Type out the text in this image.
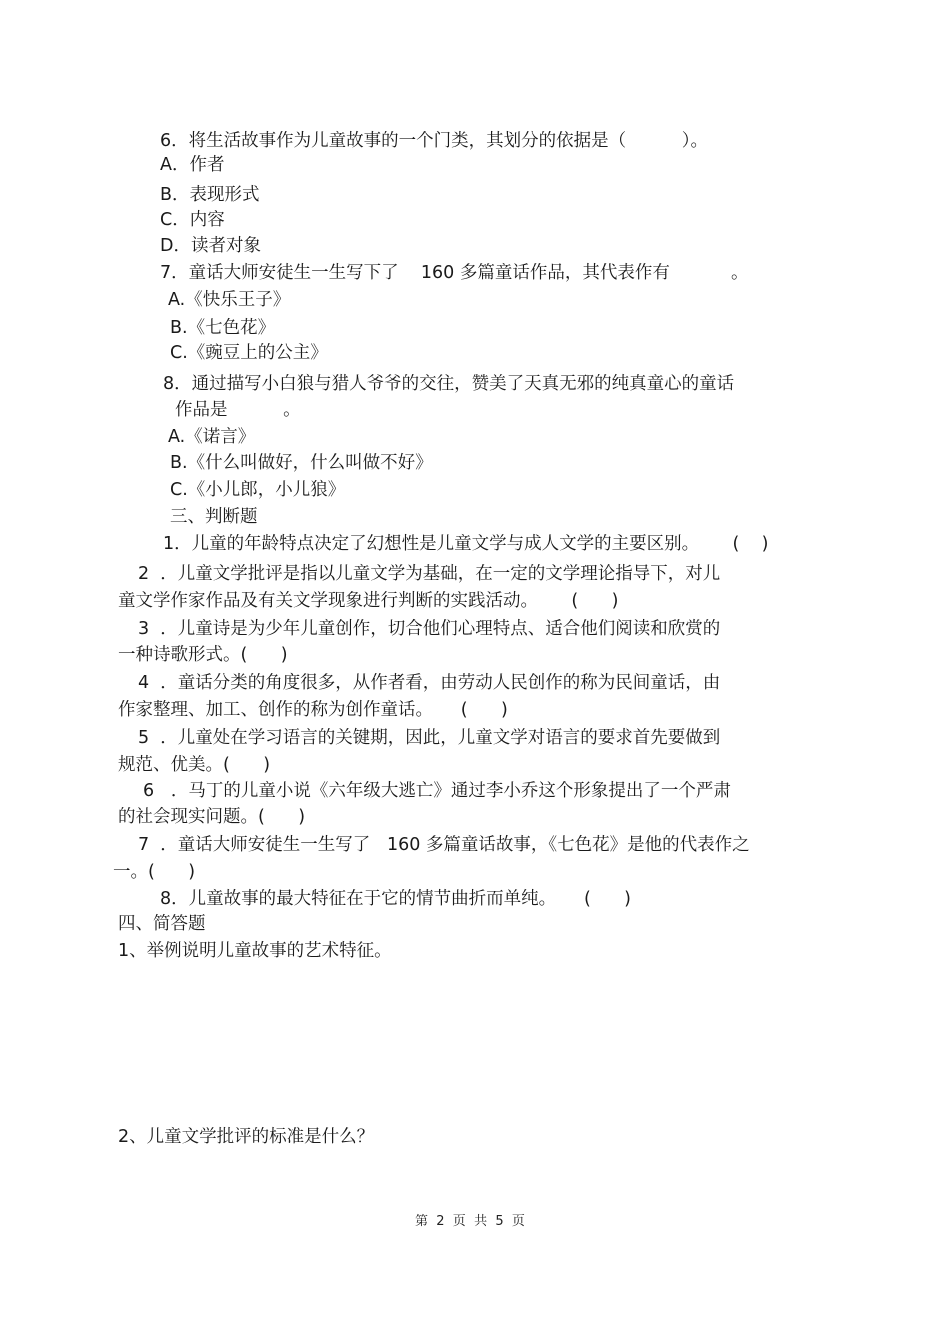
6．将生活故事作为儿童故事的一个门类，其划分的依据是（          ）。
A．作者
B．表现形式
C．内容
D．读者对象
7．童话大师安徒生一生写下了    160 多篇童话作品，其代表作有           。
A.《快乐王子》
B.《七色花》
C.《豌豆上的公主》
8．通过描写小白狼与猎人爷爷的交往，赞美了天真无邪的纯真童心的童话
作品是          。
A.《诺言》
B.《什么叫做好，什么叫做不好》
C.《小儿郎，小儿狼》
三、判断题
1．儿童的年龄特点决定了幻想性是儿童文学与成人文学的主要区别。      (    )
2  ．儿童文学批评是指以儿童文学为基础，在一定的文学理论指导下，对儿
童文学作家作品及有关文学现象进行判断的实践活动。      (      )
3  ．儿童诗是为少年儿童创作，切合他们心理特点、适合他们阅读和欣赏的
一种诗歌形式。(      )
4  ．童话分类的角度很多，从作者看，由劳动人民创作的称为民间童话，由
作家整理、加工、创作的称为创作童话。     (      )
5  ．儿童处在学习语言的关键期，因此，儿童文学对语言的要求首先要做到
规范、优美。(      )
6   ．马丁的儿童小说《六年级大逃亡》通过李小乔这个形象提出了一个严肃
的社会现实问题。(      )
7  ．童话大师安徒生一生写了   160 多篇童话故事，《七色花》是他的代表作之
一。(      )
8．儿童故事的最大特征在于它的情节曲折而单纯。     (      )
四、简答题
1、举例说明儿童故事的艺术特征。
2、儿童文学批评的标准是什么？
第  2  页  共  5  页
